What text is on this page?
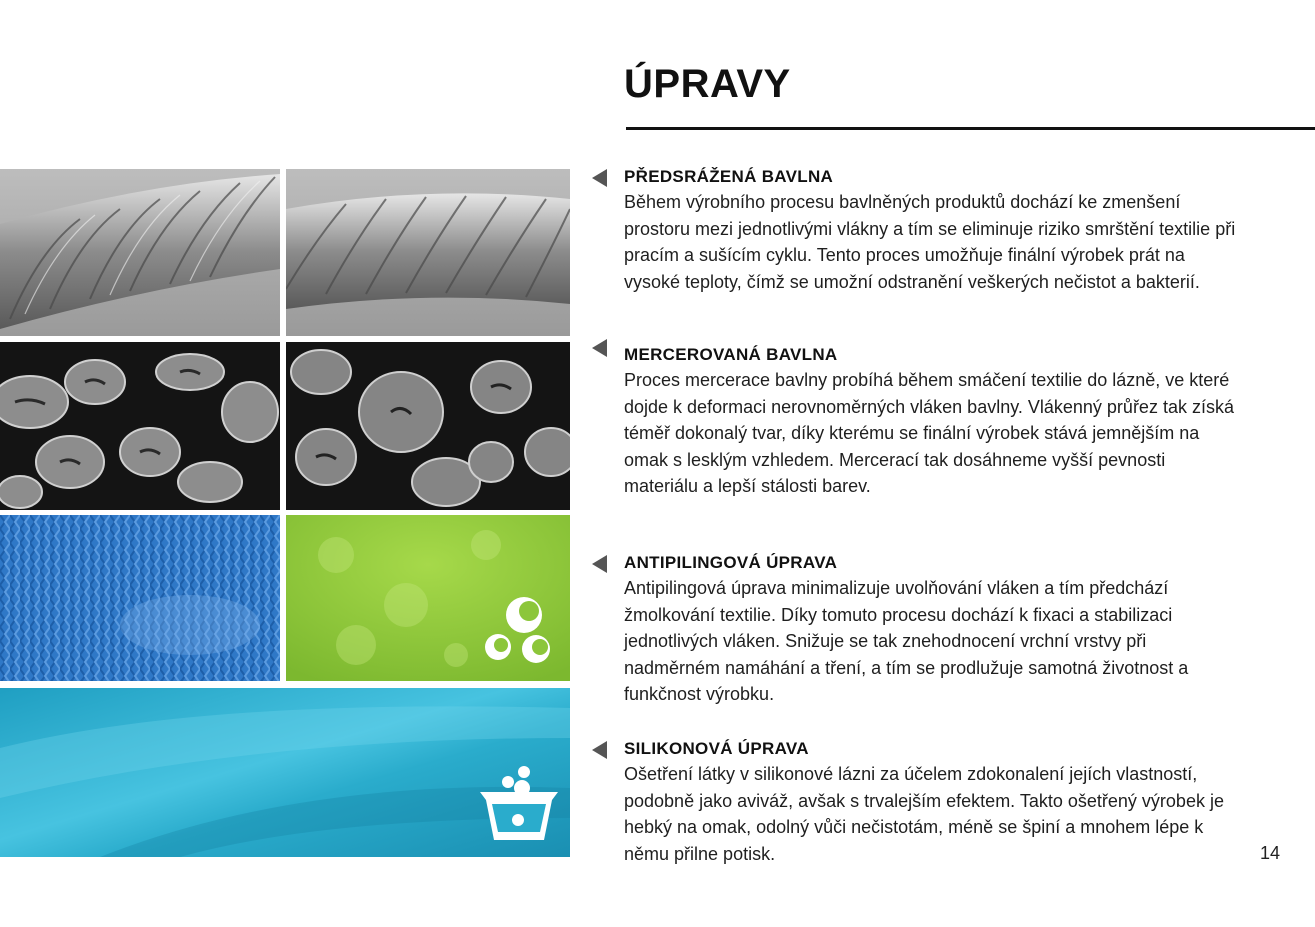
ÚPRAVY
PŘEDSRÁŽENÁ BAVLNA

Během výrobního procesu bavlněných produktů dochází ke zmenšení prostoru mezi jednotlivými vlákny a tím se eliminuje riziko smrštění textilie při pracím a sušícím cyklu. Tento proces umožňuje finální výrobek prát na vysoké teploty, čímž se umožní odstranění veškerých nečistot a bakterií.

MERCEROVANÁ BAVLNA

Proces mercerace bavlny probíhá během smáčení textilie do lázně, ve které dojde k deformaci nerovnoměrných vláken bavlny. Vlákenný průřez tak získá téměř dokonalý tvar, díky kterému se finální výrobek stává jemnějším na omak s lesklým vzhledem. Mercerací tak dosáhneme vyšší pevnosti materiálu a lepší stálosti barev.

ANTIPILINGOVÁ ÚPRAVA

Antipilingová úprava minimalizuje uvolňování vláken a tím předchází žmolkování textilie. Díky tomuto procesu dochází k fixaci a stabilizaci jednotlivých vláken. Snižuje se tak znehodnocení vrchní vrstvy při nadměrném namáhání a tření, a tím se prodlužuje samotná životnost a funkčnost výrobku.

SILIKONOVÁ ÚPRAVA

Ošetření látky v silikonové lázni za účelem zdokonalení jejích vlastností, podobně jako aviváž, avšak s trvalejším efektem. Takto ošetřený výrobek je hebký na omak, odolný vůči nečistotám, méně se špiní a mnohem lépe k němu přilne potisk.	14
